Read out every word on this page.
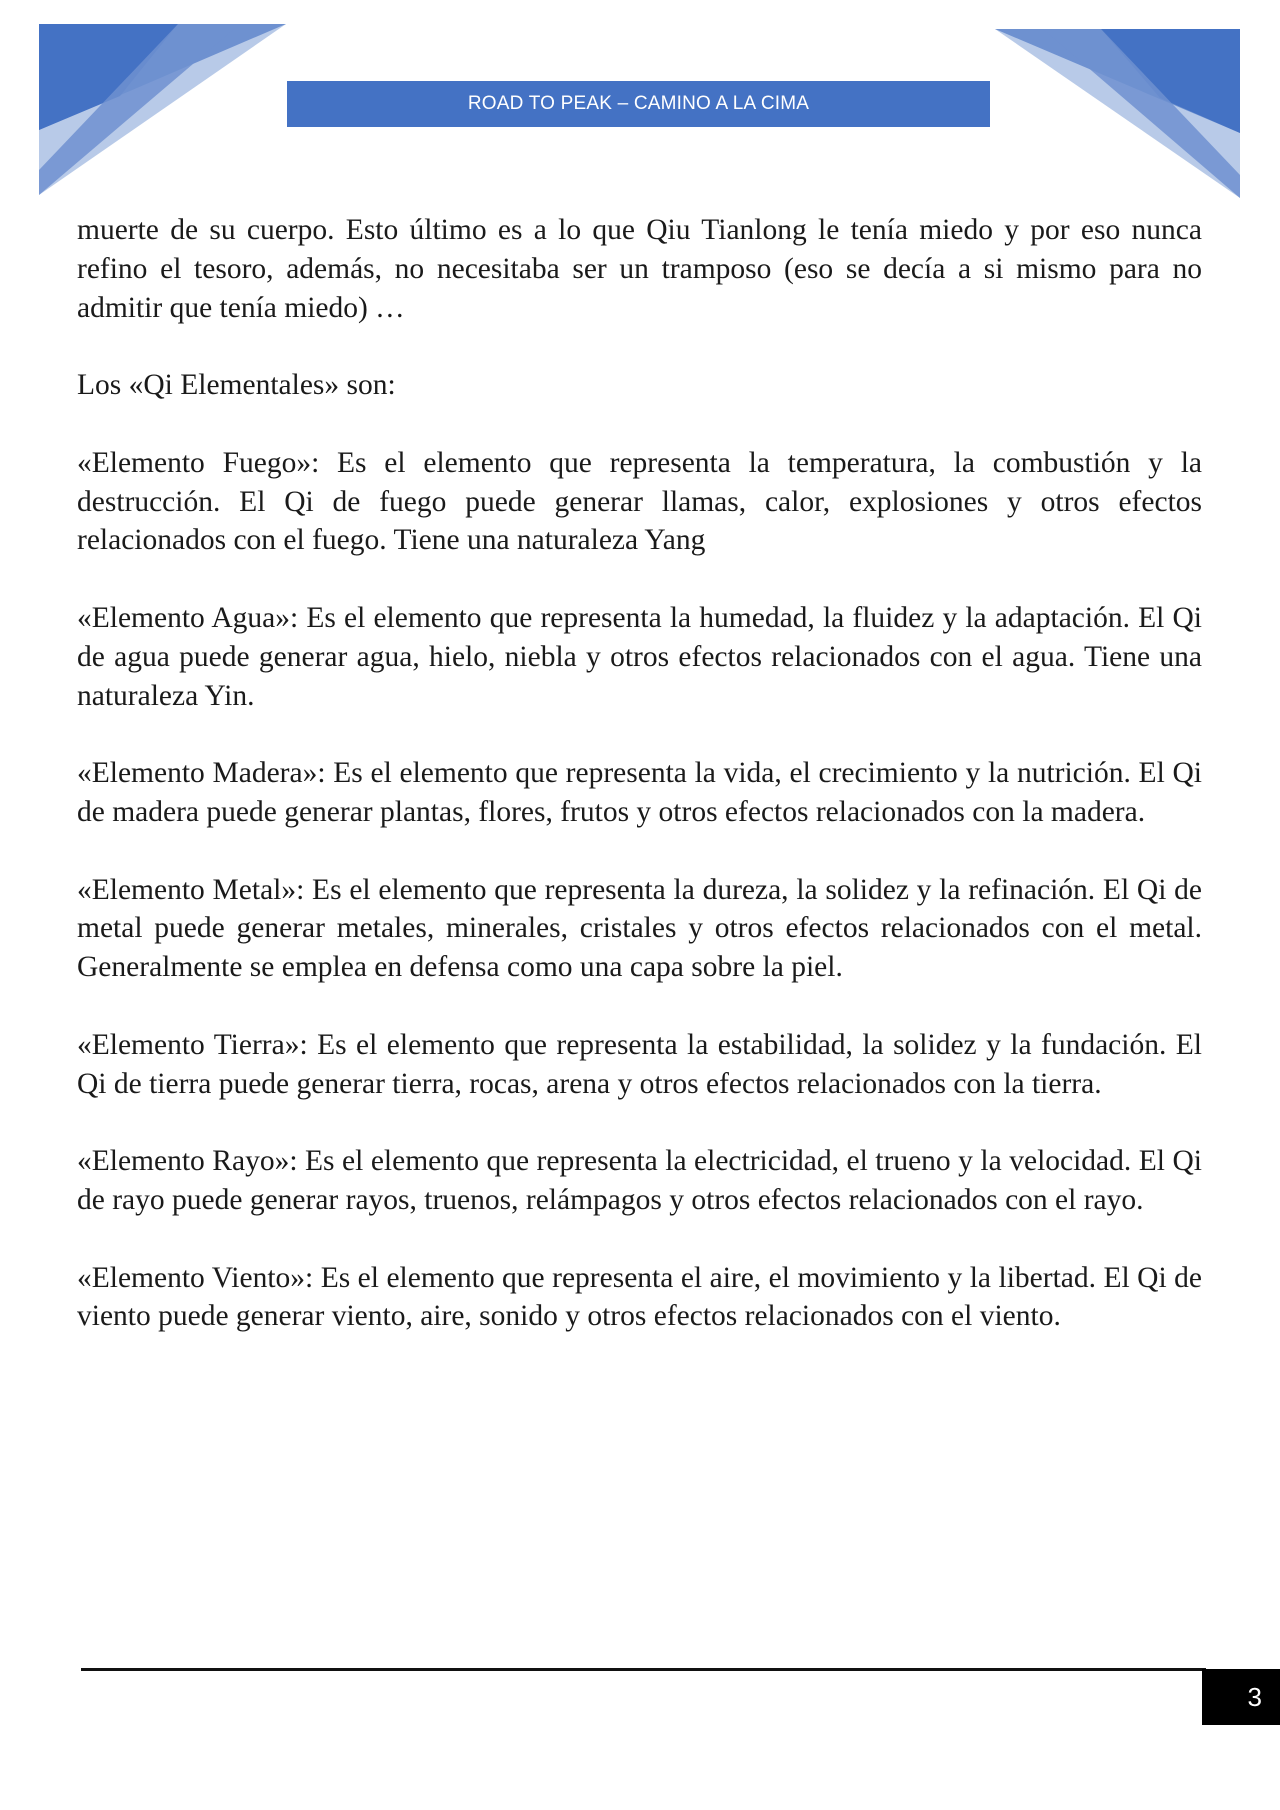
ROAD TO PEAK – CAMINO A LA CIMA

muerte de su cuerpo. Esto último es a lo que Qiu Tianlong le tenía miedo y por eso nunca refino el tesoro, además, no necesitaba ser un tramposo (eso se decía a si mismo para no admitir que tenía miedo) …

Los «Qi Elementales» son:

«Elemento Fuego»: Es el elemento que representa la temperatura, la combustión y la destrucción. El Qi de fuego puede generar llamas, calor, explosiones y otros efectos relacionados con el fuego. Tiene una naturaleza Yang

«Elemento Agua»: Es el elemento que representa la humedad, la fluidez y la adaptación. El Qi de agua puede generar agua, hielo, niebla y otros efectos relacionados con el agua. Tiene una naturaleza Yin.

«Elemento Madera»: Es el elemento que representa la vida, el crecimiento y la nutrición. El Qi de madera puede generar plantas, flores, frutos y otros efectos relacionados con la madera.

«Elemento Metal»: Es el elemento que representa la dureza, la solidez y la refinación. El Qi de metal puede generar metales, minerales, cristales y otros efectos relacionados con el metal. Generalmente se emplea en defensa como una capa sobre la piel.

«Elemento Tierra»: Es el elemento que representa la estabilidad, la solidez y la fundación. El Qi de tierra puede generar tierra, rocas, arena y otros efectos relacionados con la tierra.

«Elemento Rayo»: Es el elemento que representa la electricidad, el trueno y la velocidad. El Qi de rayo puede generar rayos, truenos, relámpagos y otros efectos relacionados con el rayo.

«Elemento Viento»: Es el elemento que representa el aire, el movimiento y la libertad. El Qi de viento puede generar viento, aire, sonido y otros efectos relacionados con el viento.

3
